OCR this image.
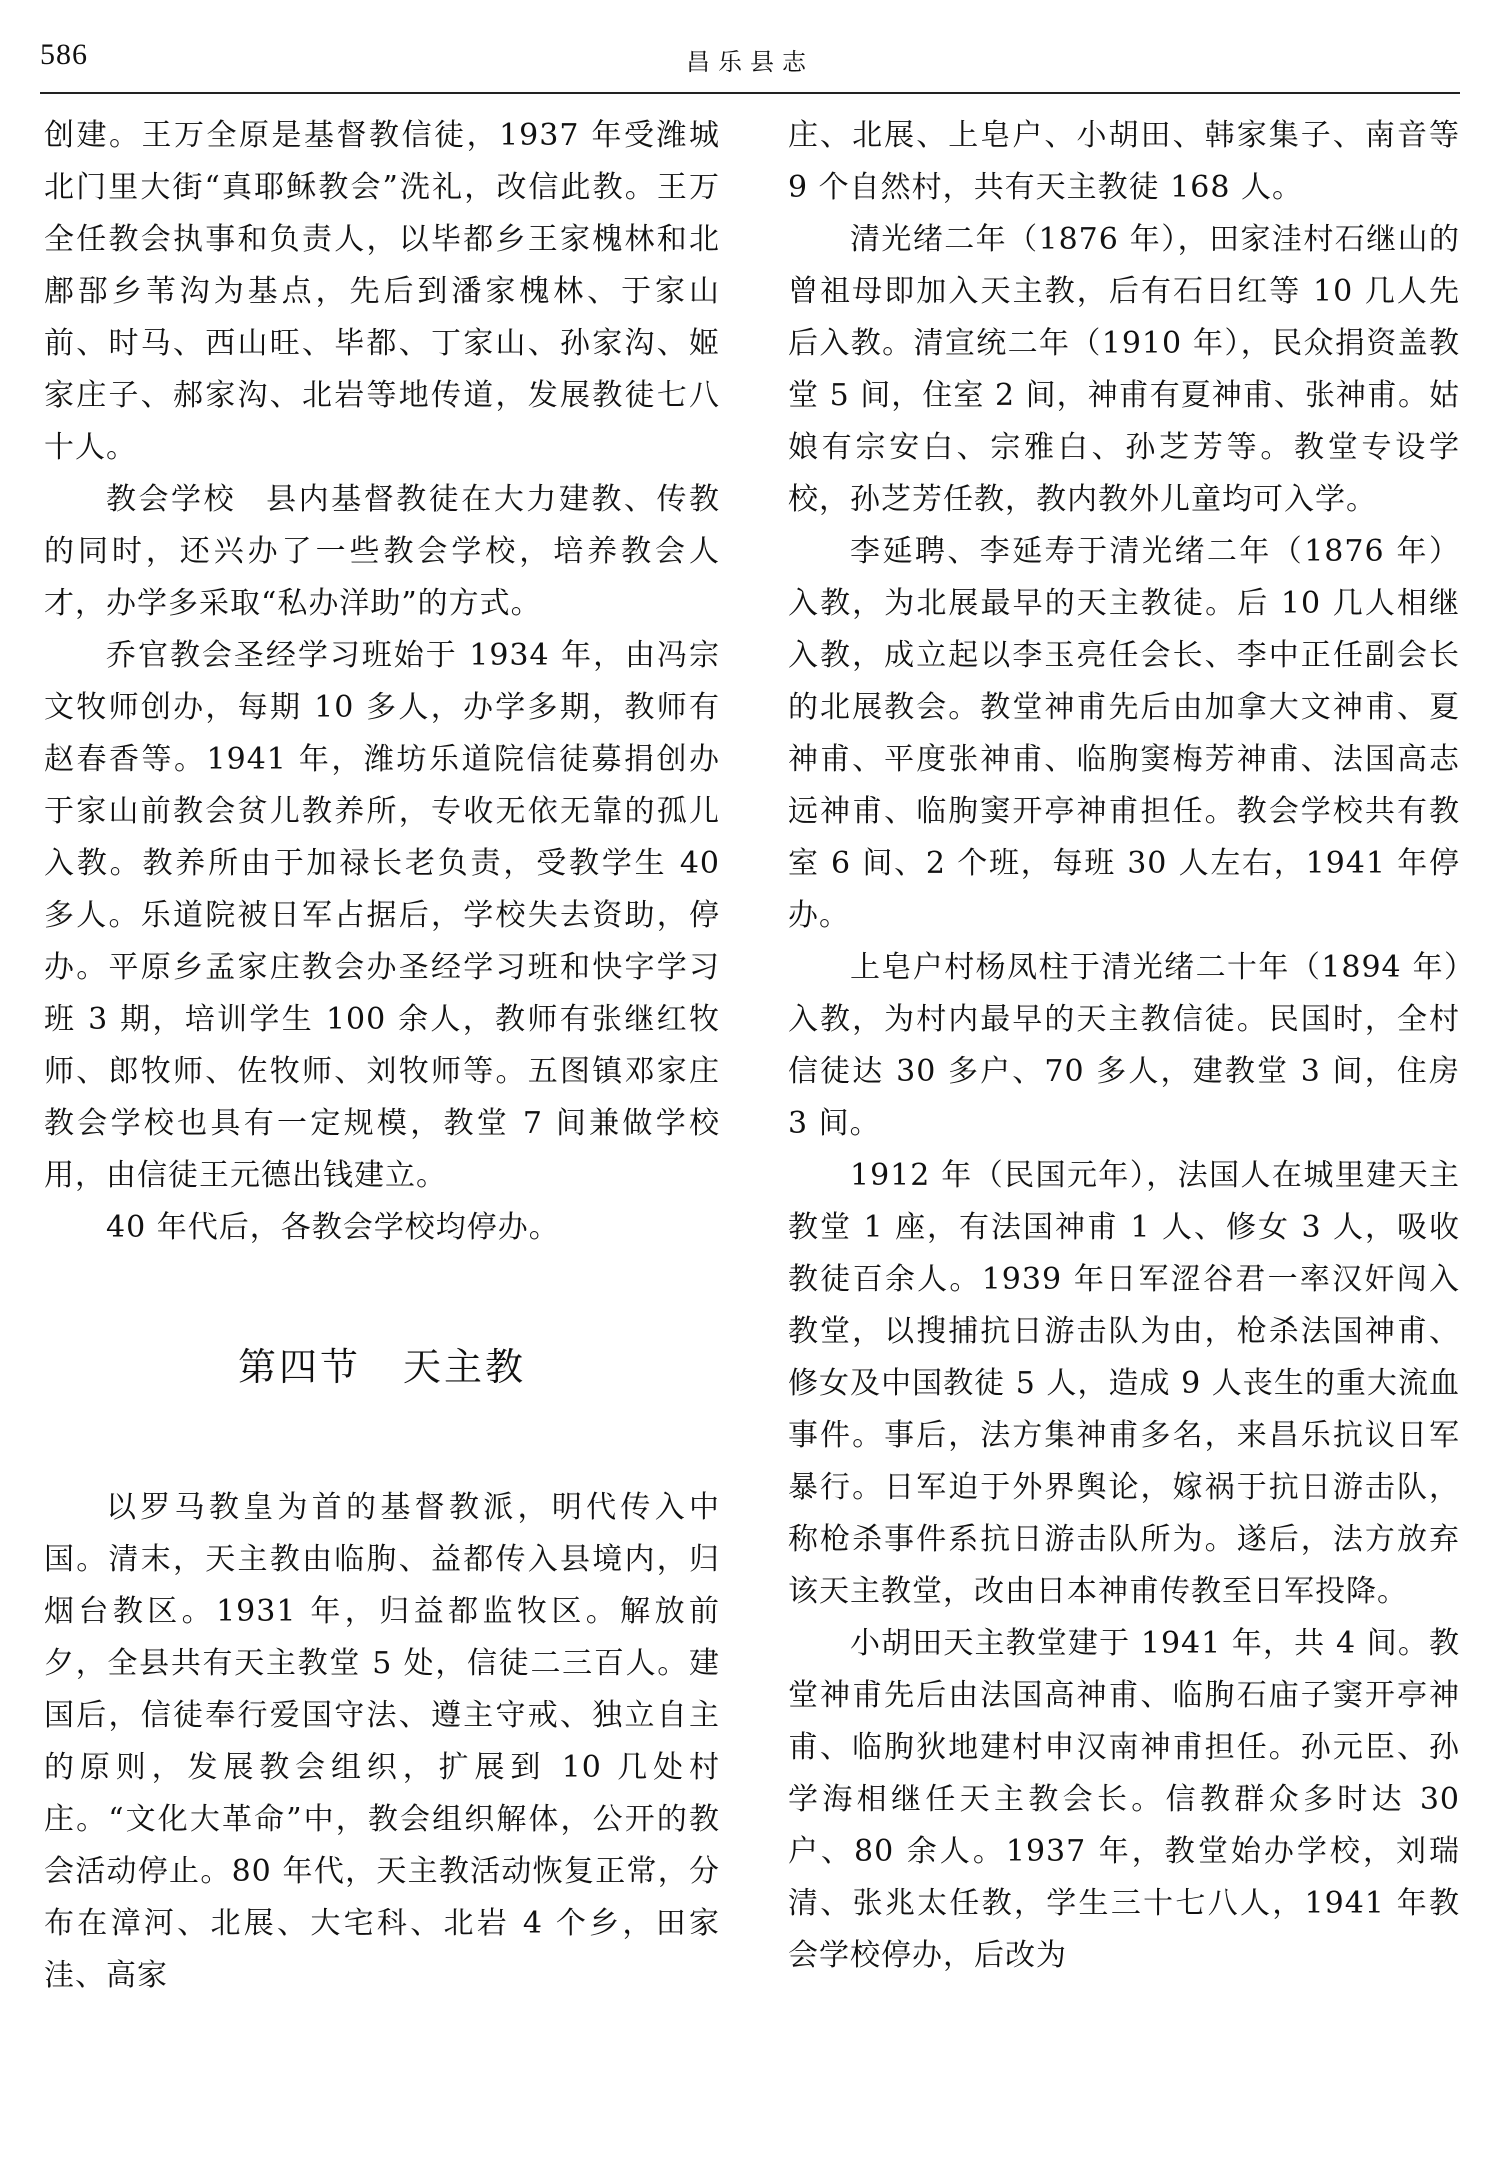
586	昌乐县志

创建。王万全原是基督教信徒，1937 年受潍城北门里大街“真耶稣教会”洗礼，改信此教。王万全任教会执事和负责人，以毕都乡王家槐林和北鄌郚乡苇沟为基点，先后到潘家槐林、于家山前、时马、西山旺、毕都、丁家山、孙家沟、姬家庄子、郝家沟、北岩等地传道，发展教徒七八十人。

教会学校 县内基督教徒在大力建教、传教的同时，还兴办了一些教会学校，培养教会人才，办学多采取“私办洋助”的方式。

乔官教会圣经学习班始于 1934 年，由冯宗文牧师创办，每期 10 多人，办学多期，教师有赵春香等。1941 年，潍坊乐道院信徒募捐创办于家山前教会贫儿教养所，专收无依无靠的孤儿入教。教养所由于加禄长老负责，受教学生 40 多人。乐道院被日军占据后，学校失去资助，停办。平原乡孟家庄教会办圣经学习班和快字学习班 3 期，培训学生 100 余人，教师有张继红牧师、郎牧师、佐牧师、刘牧师等。五图镇邓家庄教会学校也具有一定规模，教堂 7 间兼做学校用，由信徒王元德出钱建立。

40 年代后，各教会学校均停办。

第四节 天主教

以罗马教皇为首的基督教派，明代传入中国。清末，天主教由临朐、益都传入县境内，归烟台教区。1931 年，归益都监牧区。解放前夕，全县共有天主教堂 5 处，信徒二三百人。建国后，信徒奉行爱国守法、遵主守戒、独立自主的原则，发展教会组织，扩展到 10 几处村庄。“文化大革命”中，教会组织解体，公开的教会活动停止。80 年代，天主教活动恢复正常，分布在漳河、北展、大宅科、北岩 4 个乡，田家洼、高家

庄、北展、上皂户、小胡田、韩家集子、南音等 9 个自然村，共有天主教徒 168 人。

清光绪二年（1876 年），田家洼村石继山的曾祖母即加入天主教，后有石日红等 10 几人先后入教。清宣统二年（1910 年），民众捐资盖教堂 5 间，住室 2 间，神甫有夏神甫、张神甫。姑娘有宗安白、宗雅白、孙芝芳等。教堂专设学校，孙芝芳任教，教内教外儿童均可入学。

李延聘、李延寿于清光绪二年（1876 年）入教，为北展最早的天主教徒。后 10 几人相继入教，成立起以李玉亮任会长、李中正任副会长的北展教会。教堂神甫先后由加拿大文神甫、夏神甫、平度张神甫、临朐窦梅芳神甫、法国高志远神甫、临朐窦开亭神甫担任。教会学校共有教室 6 间、2 个班，每班 30 人左右，1941 年停办。

上皂户村杨凤柱于清光绪二十年（1894 年）入教，为村内最早的天主教信徒。民国时，全村信徒达 30 多户、70 多人，建教堂 3 间，住房 3 间。

1912 年（民国元年），法国人在城里建天主教堂 1 座，有法国神甫 1 人、修女 3 人，吸收教徒百余人。1939 年日军涩谷君一率汉奸闯入教堂，以搜捕抗日游击队为由，枪杀法国神甫、修女及中国教徒 5 人，造成 9 人丧生的重大流血事件。事后，法方集神甫多名，来昌乐抗议日军暴行。日军迫于外界舆论，嫁祸于抗日游击队，称枪杀事件系抗日游击队所为。遂后，法方放弃该天主教堂，改由日本神甫传教至日军投降。

小胡田天主教堂建于 1941 年，共 4 间。教堂神甫先后由法国高神甫、临朐石庙子窦开亭神甫、临朐狄地建村申汉南神甫担任。孙元臣、孙学海相继任天主教会长。信教群众多时达 30 户、80 余人。1937 年，教堂始办学校，刘瑞清、张兆太任教，学生三十七八人，1941 年教会学校停办，后改为
